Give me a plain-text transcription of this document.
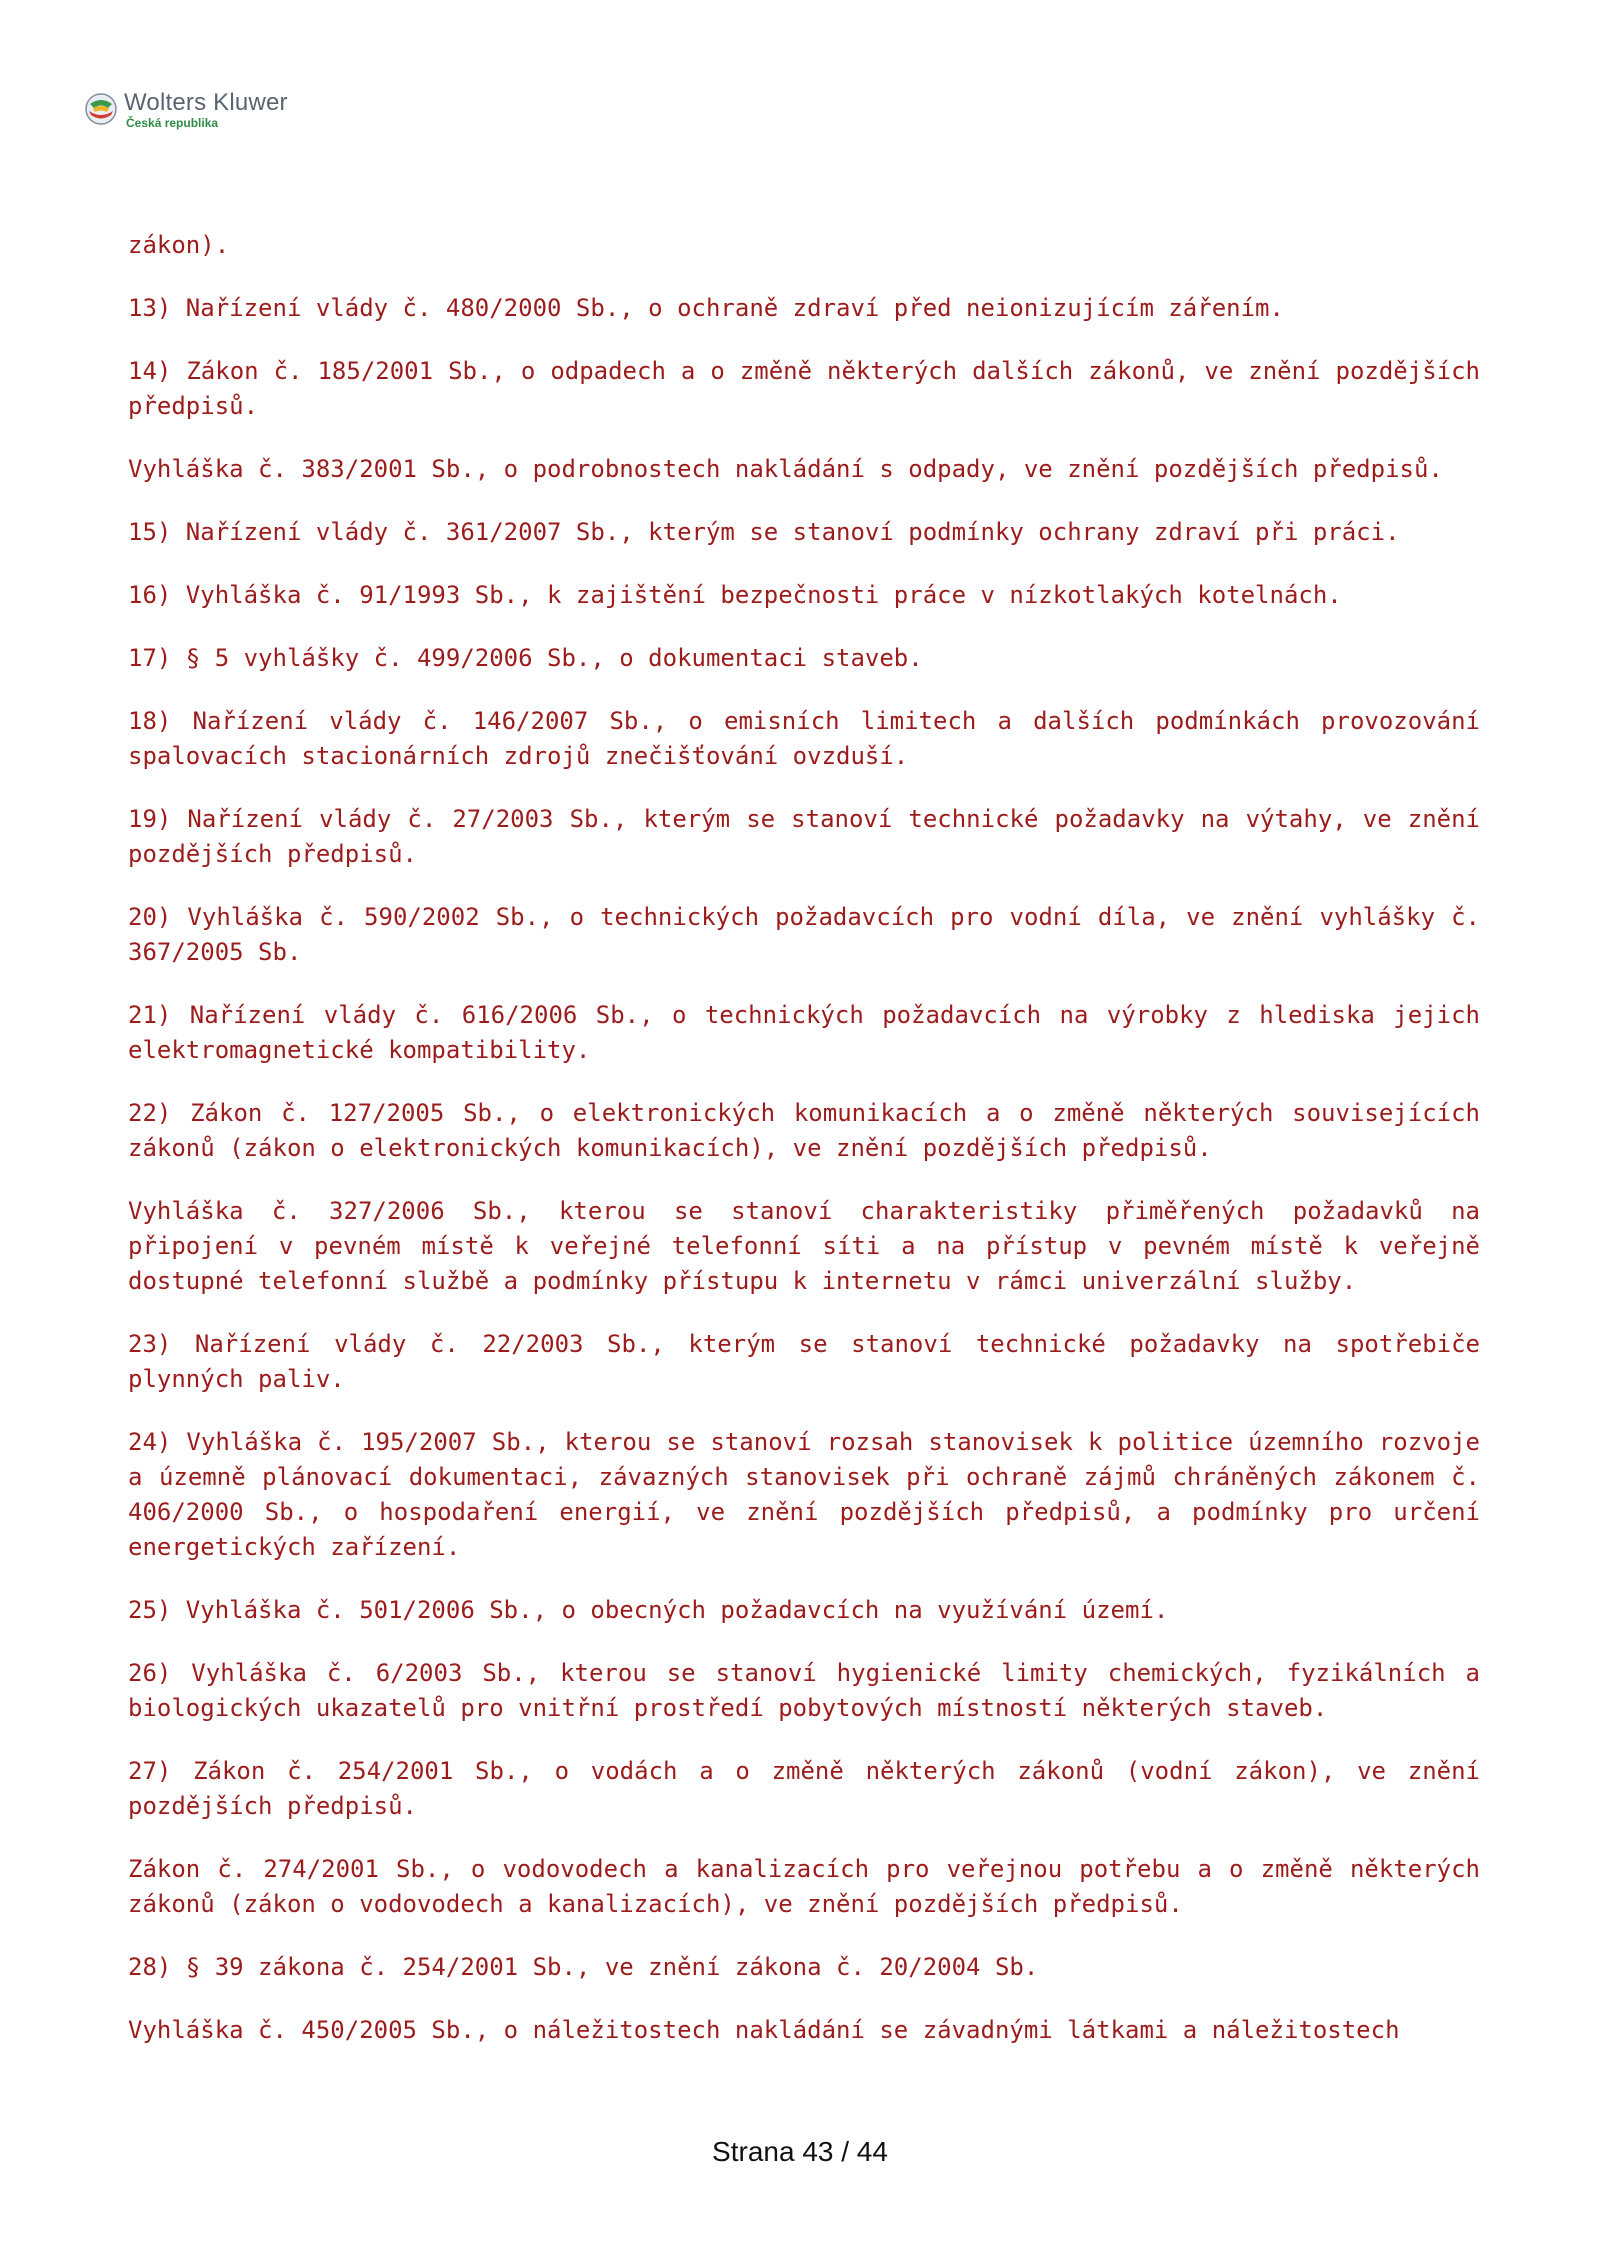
Wolters Kluwer
Česká republika

zákon).

13) Nařízení vlády č. 480/2000 Sb., o ochraně zdraví před neionizujícím zářením.

14) Zákon č. 185/2001 Sb., o odpadech a o změně některých dalších zákonů, ve znění pozdějších předpisů.

Vyhláška č. 383/2001 Sb., o podrobnostech nakládání s odpady, ve znění pozdějších předpisů.

15) Nařízení vlády č. 361/2007 Sb., kterým se stanoví podmínky ochrany zdraví při práci.

16) Vyhláška č. 91/1993 Sb., k zajištění bezpečnosti práce v nízkotlakých kotelnách.

17) § 5 vyhlášky č. 499/2006 Sb., o dokumentaci staveb.

18) Nařízení vlády č. 146/2007 Sb., o emisních limitech a dalších podmínkách provozování spalovacích stacionárních zdrojů znečišťování ovzduší.

19) Nařízení vlády č. 27/2003 Sb., kterým se stanoví technické požadavky na výtahy, ve znění pozdějších předpisů.

20) Vyhláška č. 590/2002 Sb., o technických požadavcích pro vodní díla, ve znění vyhlášky č. 367/2005 Sb.

21) Nařízení vlády č. 616/2006 Sb., o technických požadavcích na výrobky z hlediska jejich elektromagnetické kompatibility.

22) Zákon č. 127/2005 Sb., o elektronických komunikacích a o změně některých souvisejících zákonů (zákon o elektronických komunikacích), ve znění pozdějších předpisů.

Vyhláška č. 327/2006 Sb., kterou se stanoví charakteristiky přiměřených požadavků na připojení v pevném místě k veřejné telefonní síti a na přístup v pevném místě k veřejně dostupné telefonní službě a podmínky přístupu k internetu v rámci univerzální služby.

23) Nařízení vlády č. 22/2003 Sb., kterým se stanoví technické požadavky na spotřebiče plynných paliv.

24) Vyhláška č. 195/2007 Sb., kterou se stanoví rozsah stanovisek k politice územního rozvoje a územně plánovací dokumentaci, závazných stanovisek při ochraně zájmů chráněných zákonem č. 406/2000 Sb., o hospodaření energií, ve znění pozdějších předpisů, a podmínky pro určení energetických zařízení.

25) Vyhláška č. 501/2006 Sb., o obecných požadavcích na využívání území.

26) Vyhláška č. 6/2003 Sb., kterou se stanoví hygienické limity chemických, fyzikálních a biologických ukazatelů pro vnitřní prostředí pobytových místností některých staveb.

27) Zákon č. 254/2001 Sb., o vodách a o změně některých zákonů (vodní zákon), ve znění pozdějších předpisů.

Zákon č. 274/2001 Sb., o vodovodech a kanalizacích pro veřejnou potřebu a o změně některých zákonů (zákon o vodovodech a kanalizacích), ve znění pozdějších předpisů.

28) § 39 zákona č. 254/2001 Sb., ve znění zákona č. 20/2004 Sb.

Vyhláška č. 450/2005 Sb., o náležitostech nakládání se závadnými látkami a náležitostech

Strana 43 / 44
